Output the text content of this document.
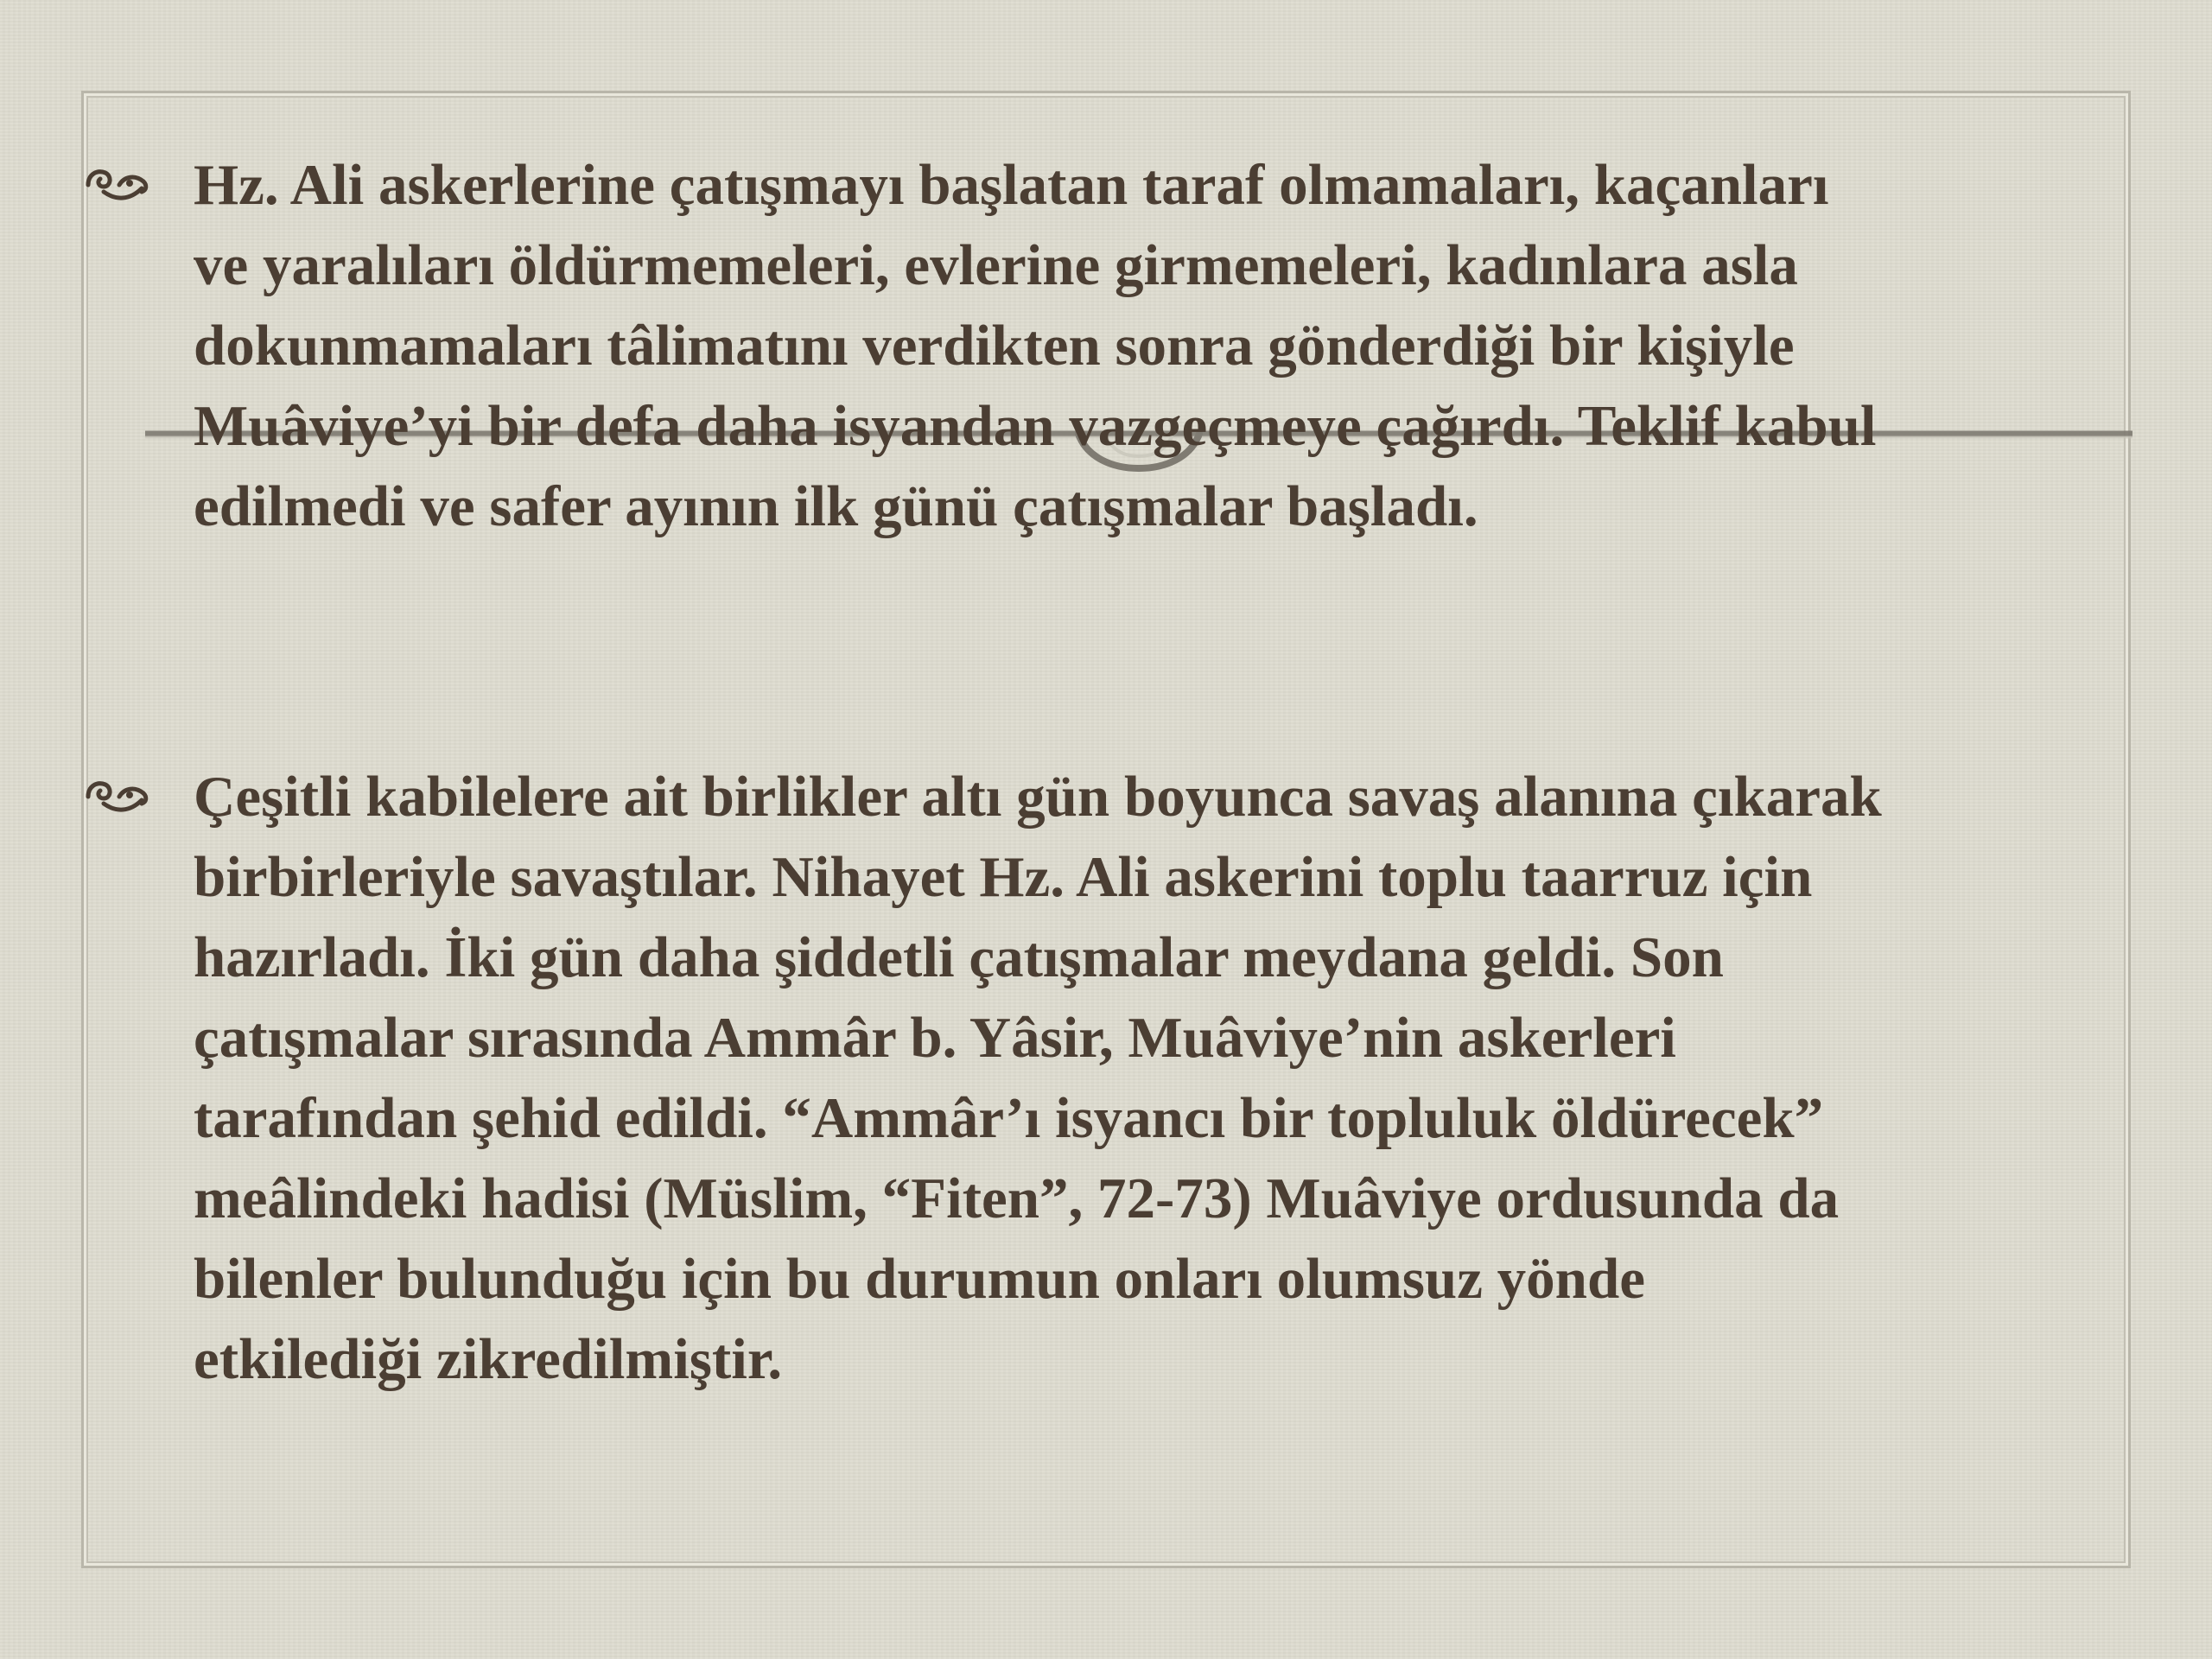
Hz. Ali askerlerine çatışmayı başlatan taraf olmamaları, kaçanları
ve yaralıları öldürmemeleri, evlerine girmemeleri, kadınlara asla
dokunmamaları tâlimatını verdikten sonra gönderdiği bir kişiyle
Muâviye’yi bir defa daha isyandan vazgeçmeye çağırdı. Teklif kabul
edilmedi ve safer ayının ilk günü çatışmalar başladı.

Çeşitli kabilelere ait birlikler altı gün boyunca savaş alanına çıkarak
birbirleriyle savaştılar. Nihayet Hz. Ali askerini toplu taarruz için
hazırladı. İki gün daha şiddetli çatışmalar meydana geldi. Son
çatışmalar sırasında Ammâr b. Yâsir, Muâviye’nin askerleri
tarafından şehid edildi. “Ammâr’ı isyancı bir topluluk öldürecek”
meâlindeki hadisi (Müslim, “Fiten”, 72-73) Muâviye ordusunda da
bilenler bulunduğu için bu durumun onları olumsuz yönde
etkilediği zikredilmiştir.
